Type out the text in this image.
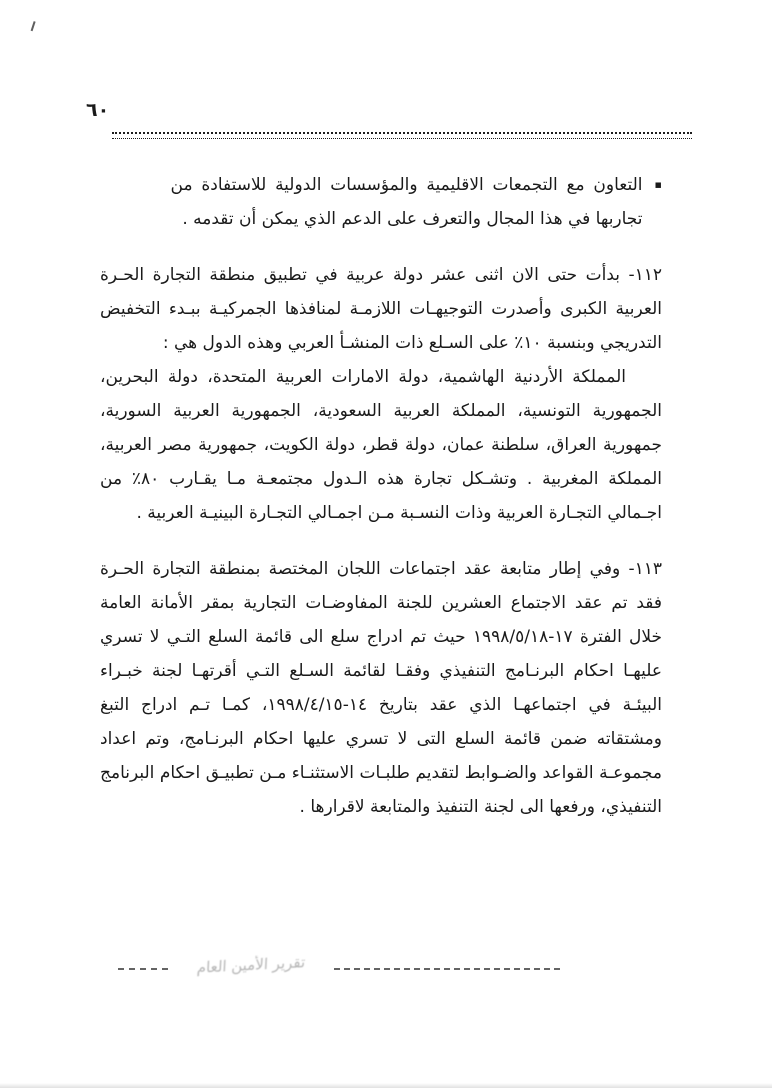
٦٠
▪

التعاون مع التجمعات الاقليمية والمؤسسات الدولية للاستفادة من تجاربها في هذا المجال والتعرف على الدعم الذي يمكن أن تقدمه .

١١٢- بدأت حتى الان اثنى عشر دولة عربية في تطبيق منطقة التجارة الحـرة العربية الكبرى وأصدرت التوجيهـات اللازمـة لمنافذها الجمركيـة ببـدء التخفيض التدريجي وبنسبة ١٠٪ على السـلع ذات المنشـأ العربي وهذه الدول هي :

المملكة الأردنية الهاشمية، دولة الامارات العربية المتحدة، دولة البحرين، الجمهورية التونسية، المملكة العربية السعودية، الجمهورية العربية السورية، جمهورية العراق، سلطنة عمان، دولة قطر، دولة الكويت، جمهورية مصر العربية، المملكة المغربية . وتشـكل تجارة هذه الـدول مجتمعـة مـا يقـارب ٨٠٪ من اجـمالي التجـارة العربية وذات النسـبة مـن اجمـالي التجـارة البينيـة العربية .

١١٣- وفي إطار متابعة عقد اجتماعات اللجان المختصة بمنطقة التجارة الحـرة فقد تم عقد الاجتماع العشرين للجنة المفاوضـات التجارية بمقر الأمانة العامة خلال الفترة ١٧-١٩٩٨/٥/١٨ حيث تم ادراج سلع الى قائمة السلع التـي لا تسري عليهـا احكام البرنـامج التنفيذي وفقـا لقائمة السـلع التـي أقرتهـا لجنة خبـراء البيئـة في اجتماعهـا الذي عقد بتاريخ ١٤-١٩٩٨/٤/١٥، كمـا تـم ادراج التبغ ومشتقاته ضمن قائمة السلع التى لا تسري عليها احكام البرنـامج، وتم اعداد مجموعـة القواعد والضـوابط لتقديم طلبـات الاستثنـاء مـن تطبيـق احكام البرنامج التنفيذي، ورفعها الى لجنة التنفيذ والمتابعة لاقرارها .

تقرير الأمين العام
